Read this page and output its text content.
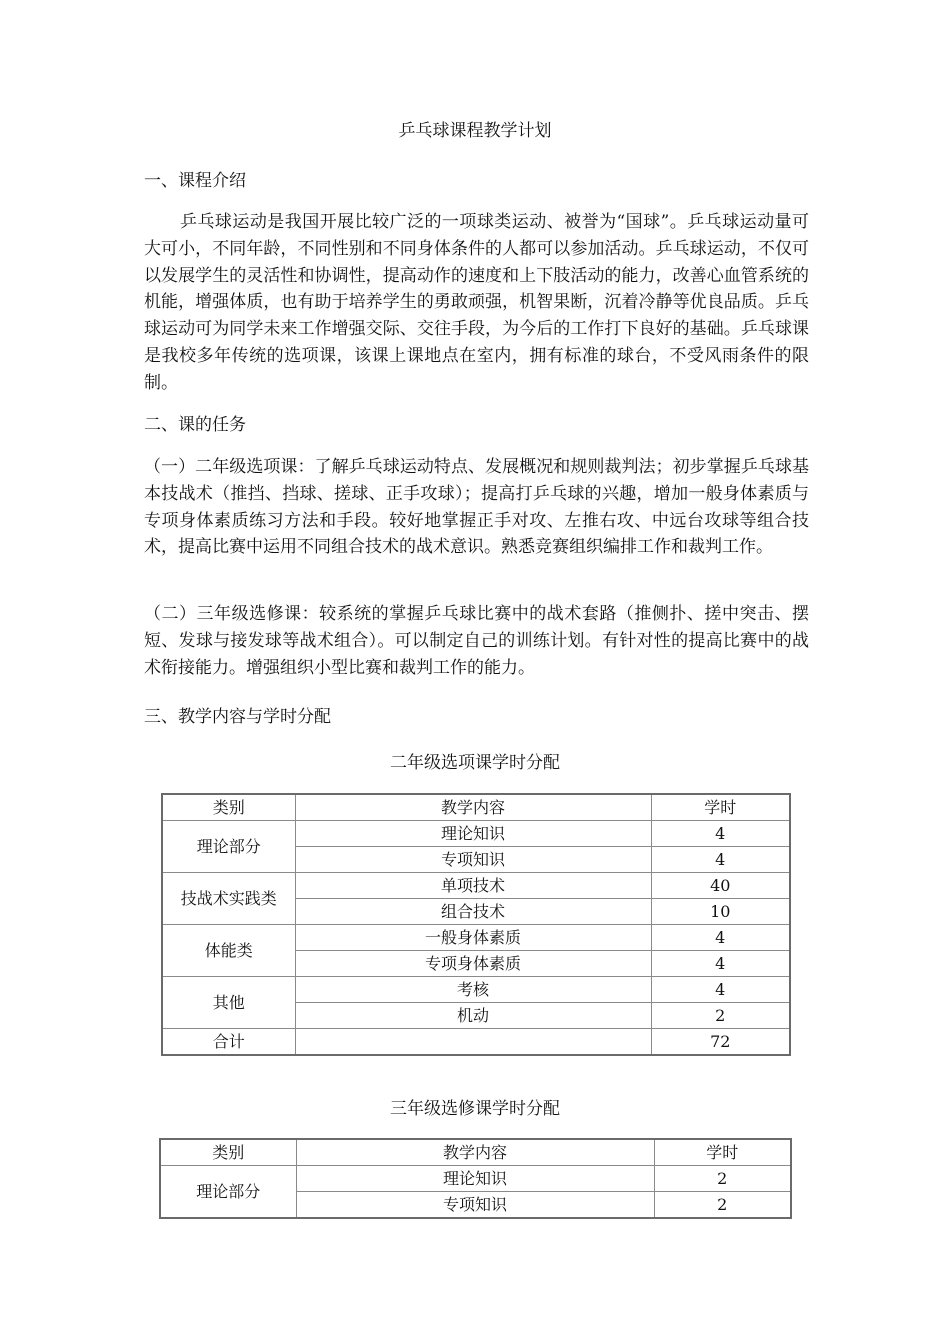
乒乓球课程教学计划
一、课程介绍
乒乓球运动是我国开展比较广泛的一项球类运动、被誉为“国球”。乒乓球运动量可大可小，不同年龄，不同性别和不同身体条件的人都可以参加活动。乒乓球运动，不仅可以发展学生的灵活性和协调性，提高动作的速度和上下肢活动的能力，改善心血管系统的机能，增强体质，也有助于培养学生的勇敢顽强，机智果断，沉着冷静等优良品质。乒乓球运动可为同学未来工作增强交际、交往手段，为今后的工作打下良好的基础。乒乓球课是我校多年传统的选项课，该课上课地点在室内，拥有标准的球台，不受风雨条件的限制。
二、课的任务
（一）二年级选项课：了解乒乓球运动特点、发展概况和规则裁判法；初步掌握乒乓球基本技战术（推挡、挡球、搓球、正手攻球）；提高打乒乓球的兴趣，增加一般身体素质与专项身体素质练习方法和手段。较好地掌握正手对攻、左推右攻、中远台攻球等组合技术，提高比赛中运用不同组合技术的战术意识。熟悉竞赛组织编排工作和裁判工作。
（二）三年级选修课：较系统的掌握乒乓球比赛中的战术套路（推侧扑、搓中突击、摆短、发球与接发球等战术组合）。可以制定自己的训练计划。有针对性的提高比赛中的战术衔接能力。增强组织小型比赛和裁判工作的能力。
三、教学内容与学时分配
二年级选项课学时分配
类别	教学内容	学时
理论部分	理论知识	4
	专项知识	4
技战术实践类	单项技术	40
	组合技术	10
体能类	一般身体素质	4
	专项身体素质	4
其他	考核	4
	机动	2
合计		72
三年级选修课学时分配
类别	教学内容	学时
理论部分	理论知识	2
	专项知识	2
